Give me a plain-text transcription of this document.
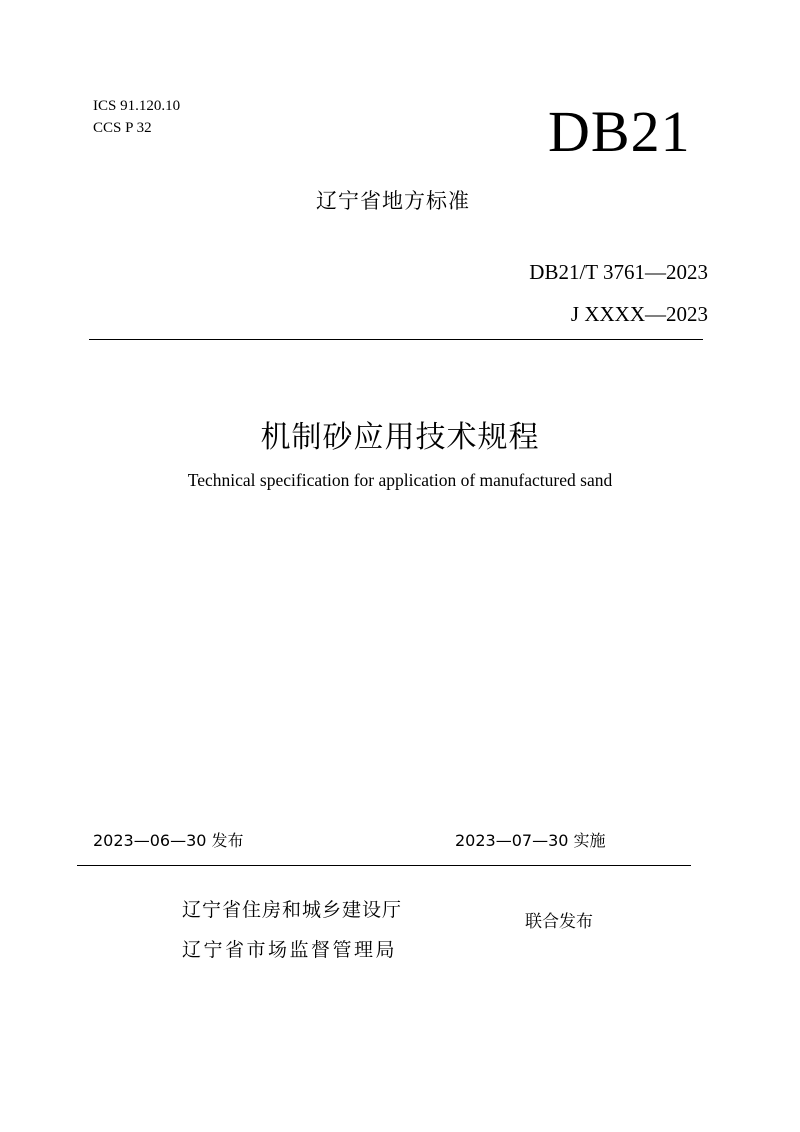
ICS 91.120.10
CCS P 32	DB21
辽宁省地方标准
DB21/T 3761—2023
J XXXX—2023
机制砂应用技术规程
Technical specification for application of manufactured sand
2023—06—30 发布	2023—07—30 实施
辽宁省住房和城乡建设厅
辽宁省市场监督管理局
联合发布
